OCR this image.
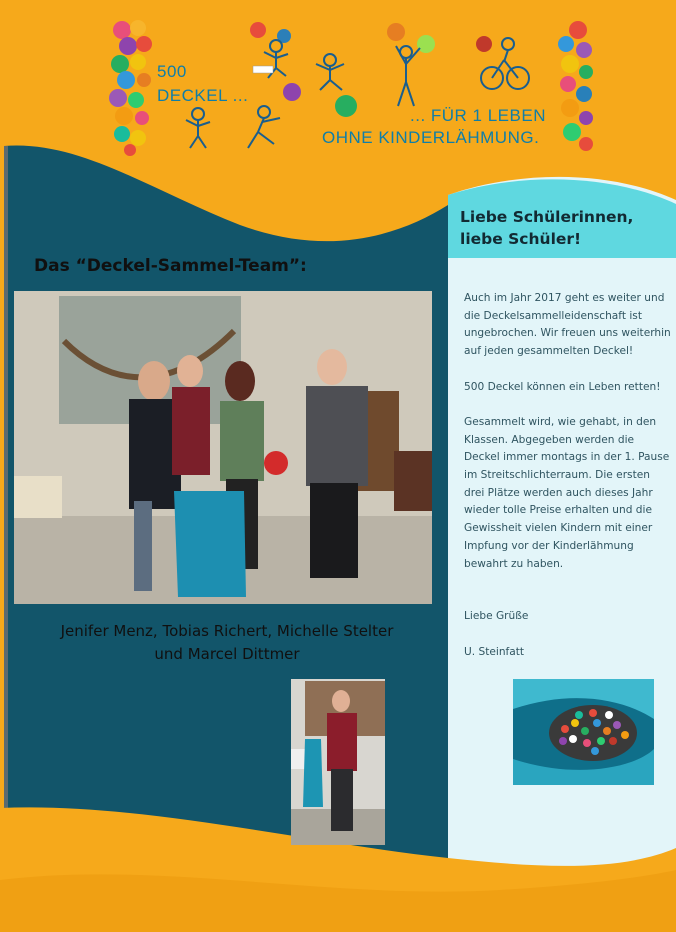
500
DECKEL ...
... FÜR 1 LEBEN
OHNE KINDERLÄHMUNG.
Das “Deckel-Sammel-Team”:
Jenifer Menz, Tobias Richert, Michelle Stelter
und Marcel Dittmer
Liebe Schülerinnen,
liebe Schüler!

Auch im Jahr 2017 geht es weiter und die Deckelsammelleidenschaft ist ungebrochen. Wir freuen uns weiterhin auf jeden gesammelten Deckel!

500 Deckel können ein Leben retten!

Gesammelt wird, wie gehabt, in den Klassen. Abgegeben werden die Deckel immer montags in der 1. Pause im Streitschlichterraum. Die ersten drei Plätze werden auch dieses Jahr wieder tolle Preise erhalten und die Gewissheit vielen Kindern mit einer Impfung vor der Kinderlähmung bewahrt zu haben.

Liebe Grüße

U. Steinfatt
